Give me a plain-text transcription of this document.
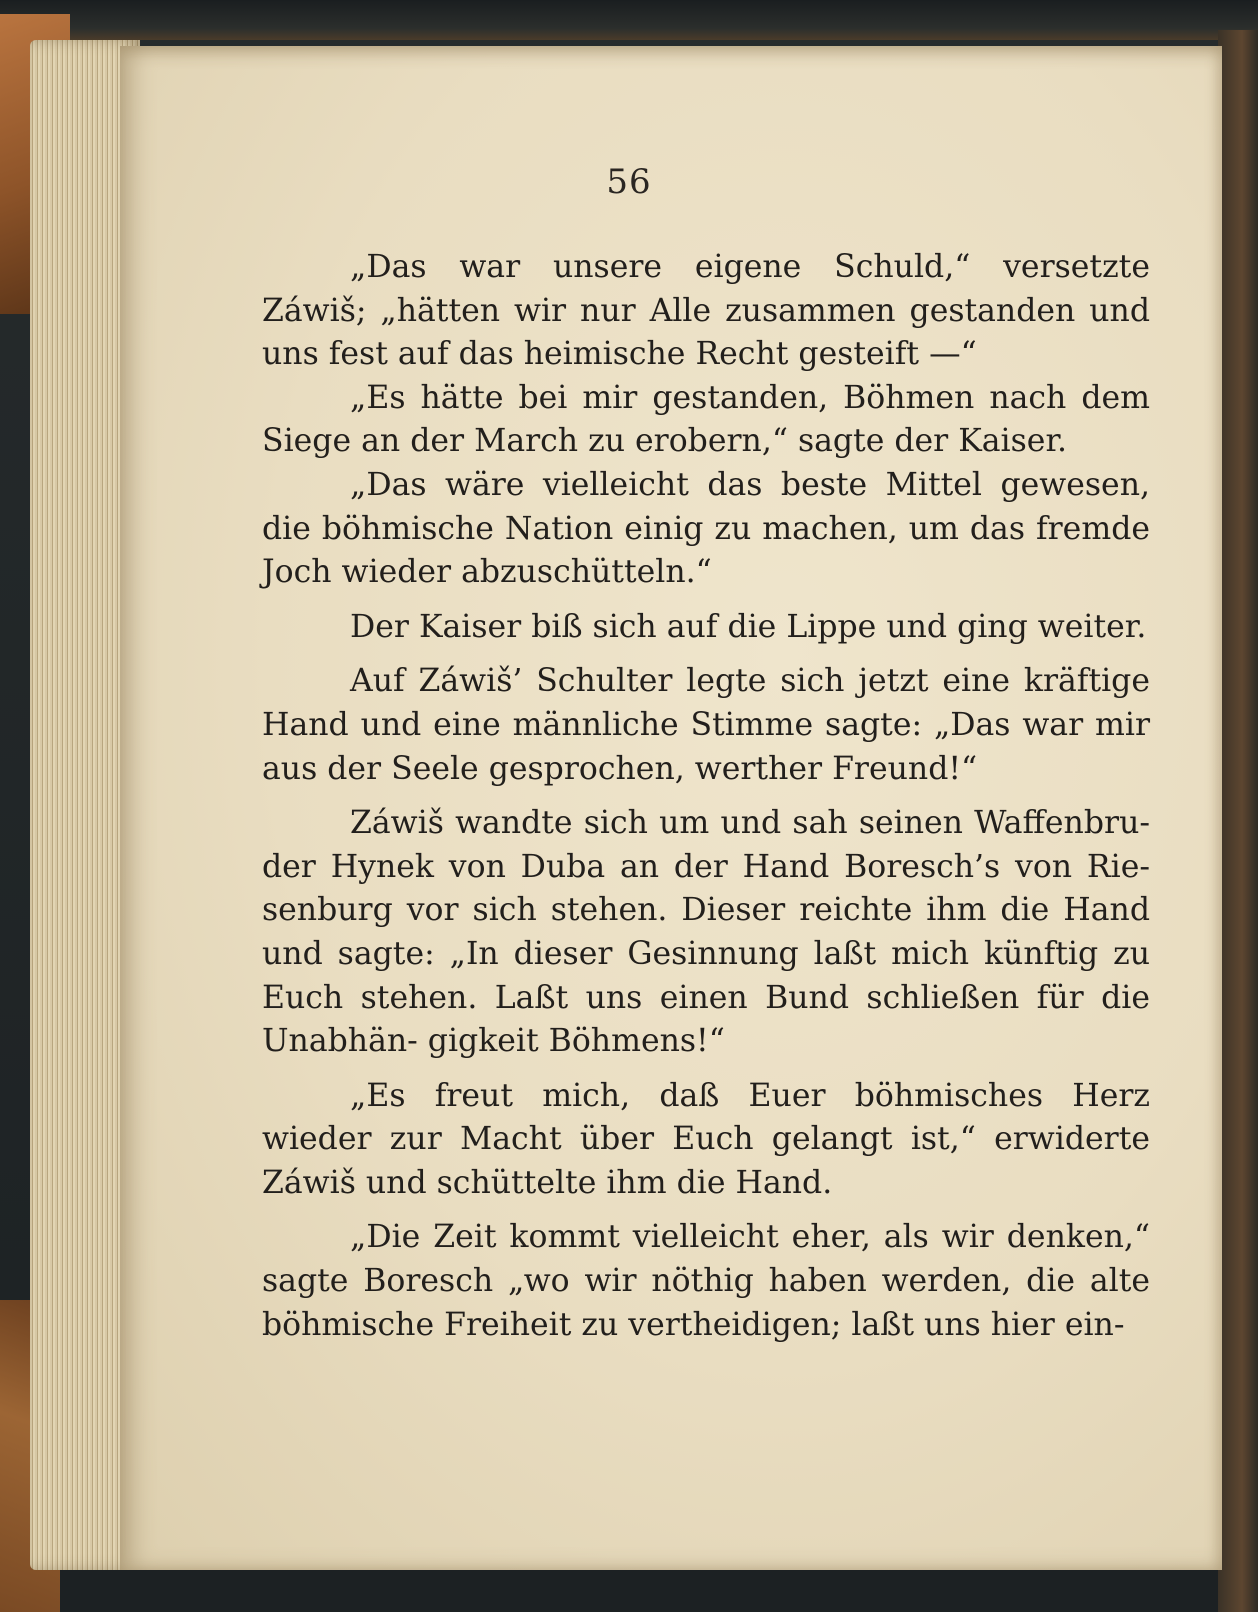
56

„Das war unsere eigene Schuld,“ versetzte Záwiš; „hätten wir nur Alle zusammen gestanden und uns fest auf das heimische Recht gesteift —“

„Es hätte bei mir gestanden, Böhmen nach dem Siege an der March zu erobern,“ sagte der Kaiser.

„Das wäre vielleicht das beste Mittel gewesen, die böhmische Nation einig zu machen, um das fremde Joch wieder abzuschütteln.“

Der Kaiser biß sich auf die Lippe und ging weiter.

Auf Záwiš’ Schulter legte sich jetzt eine kräftige Hand und eine männliche Stimme sagte: „Das war mir aus der Seele gesprochen, werther Freund!“

Záwiš wandte sich um und sah seinen Waffenbru- der Hynek von Duba an der Hand Boresch’s von Rie- senburg vor sich stehen. Dieser reichte ihm die Hand und sagte: „In dieser Gesinnung laßt mich künftig zu Euch stehen. Laßt uns einen Bund schließen für die Unabhän- gigkeit Böhmens!“

„Es freut mich, daß Euer böhmisches Herz wieder zur Macht über Euch gelangt ist,“ erwiderte Záwiš und schüttelte ihm die Hand.

„Die Zeit kommt vielleicht eher, als wir denken,“ sagte Boresch „wo wir nöthig haben werden, die alte böhmische Freiheit zu vertheidigen; laßt uns hier ein-
